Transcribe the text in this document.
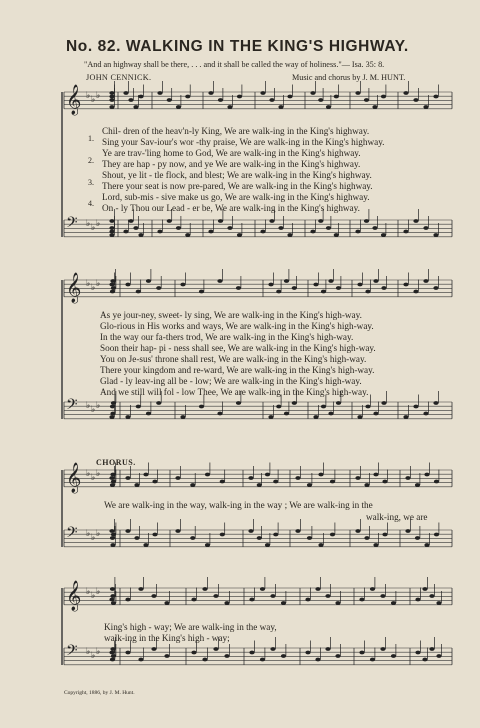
No. 82. WALKING IN THE KING'S HIGHWAY.
"And an highway shall be there, . . . and it shall be called the way of holiness."— Isa. 35: 8.
JOHN CENNICK.	Music and chorus by J. M. HUNT.
𝄞 ♭ ♭ ♭
𝄢 ♭ ♭ ♭
𝄞 ♭ ♭ ♭
𝄢 ♭ ♭ ♭
𝄞 ♭ ♭ ♭
𝄢 ♭ ♭ ♭
𝄞 ♭ ♭ ♭
𝄢 ♭ ♭ ♭
1.
2.
3.
4.
Chil- dren of the heav'n-ly King, We are walk-ing in the King's highway.
Sing your Sav-iour's wor -thy praise, We are walk-ing in the King's highway.
Ye are trav-'ling home to God, We are walk-ing in the King's highway.
They are hap - py now, and ye We are walk-ing in the King's highway.
Shout, ye lit - tle flock, and blest; We are walk-ing in the King's highway.
There your seat is now pre-pared, We are walk-ing in the King's highway.
Lord, sub-mis - sive make us go, We are walk-ing in the King's highway.
On - ly Thou our Lead - er be, We are walk-ing in the King's highway.
As ye jour-ney, sweet- ly sing, We are walk-ing in the King's high-way.
Glo-rious in His works and ways, We are walk-ing in the King's high-way.
In the way our fa-thers trod, We are walk-ing in the King's high-way.
Soon their hap- pi - ness shall see, We are walk-ing in the King's high-way.
You on Je-sus' throne shall rest, We are walk-ing in the King's high-way.
There your kingdom and re-ward, We are walk-ing in the King's high-way.
Glad - ly leav-ing all be - low; We are walk-ing in the King's high-way.
And we still will fol - low Thee, We are walk-ing in the King's high-way.
CHORUS.
We are walk-ing in the way, walk-ing in the way ; We are walk-ing in the
walk-ing, we are
King's high - way; We are walk-ing in the way,
walk-ing in the King's high - way;
Copyright, 1886, by J. M. Hunt.
